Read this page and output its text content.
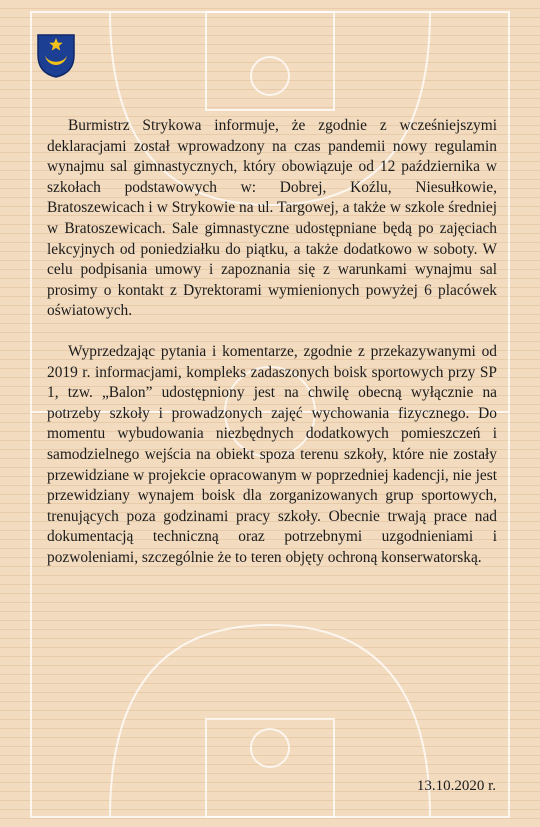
Burmistrz Strykowa informuje, że zgodnie z wcześniejszymi deklaracjami został wprowadzony na czas pandemii nowy regulamin wynajmu sal gimnastycznych, który obowiązuje od 12 października w szkołach podstawowych w: Dobrej, Koźlu, Niesułkowie, Bratoszewicach i w Strykowie na ul. Targowej, a także w szkole średniej w Bratoszewicach. Sale gimnastyczne udostępniane będą po zajęciach lekcyjnych od poniedziałku do piątku, a także dodatkowo w soboty. W celu podpisania umowy i zapoznania się z warunkami wynajmu sal prosimy o kontakt z Dyrektorami wymienionych powyżej 6 placówek oświatowych.

Wyprzedzając pytania i komentarze, zgodnie z przekazywanymi od 2019 r. informacjami, kompleks zadaszonych boisk sportowych przy SP 1, tzw. „Balon” udostępniony jest na chwilę obecną wyłącznie na potrzeby szkoły i prowadzonych zajęć wychowania fizycznego. Do momentu wybudowania niezbędnych dodatkowych pomieszczeń i samodzielnego wejścia na obiekt spoza terenu szkoły, które nie zostały przewidziane w projekcie opracowanym w poprzedniej kadencji, nie jest przewidziany wynajem boisk dla zorganizowanych grup sportowych, trenujących poza godzinami pracy szkoły. Obecnie trwają prace nad dokumentacją techniczną oraz potrzebnymi uzgodnieniami i pozwoleniami, szczególnie że to teren objęty ochroną konserwatorską.

13.10.2020 r.
